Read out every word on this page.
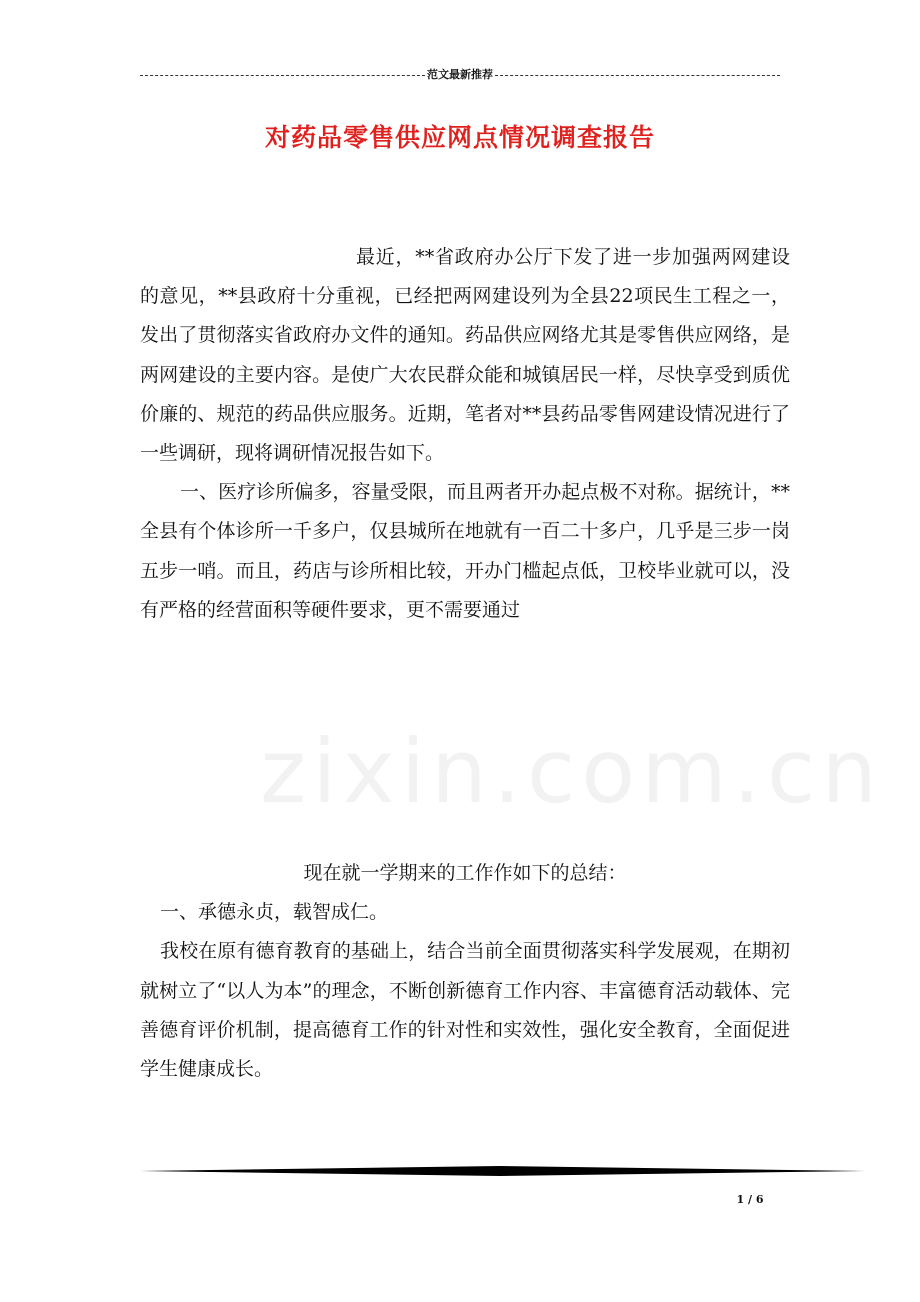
范文最新推荐
对药品零售供应网点情况调查报告
zixin.com.cn

最近，**省政府办公厅下发了进一步加强两网建设的意见，**县政府十分重视，已经把两网建设列为全县22项民生工程之一，发出了贯彻落实省政府办文件的通知。药品供应网络尤其是零售供应网络，是两网建设的主要内容。是使广大农民群众能和城镇居民一样，尽快享受到质优价廉的、规范的药品供应服务。近期，笔者对**县药品零售网建设情况进行了一些调研，现将调研情况报告如下。

一、医疗诊所偏多，容量受限，而且两者开办起点极不对称。据统计，**全县有个体诊所一千多户，仅县城所在地就有一百二十多户，几乎是三步一岗五步一哨。而且，药店与诊所相比较，开办门槛起点低，卫校毕业就可以，没有严格的经营面积等硬件要求，更不需要通过

现在就一学期来的工作作如下的总结：

一、承德永贞，载智成仁。

我校在原有德育教育的基础上，结合当前全面贯彻落实科学发展观，在期初就树立了“以人为本”的理念，不断创新德育工作内容、丰富德育活动载体、完善德育评价机制，提高德育工作的针对性和实效性，强化安全教育，全面促进学生健康成长。

1 / 6
